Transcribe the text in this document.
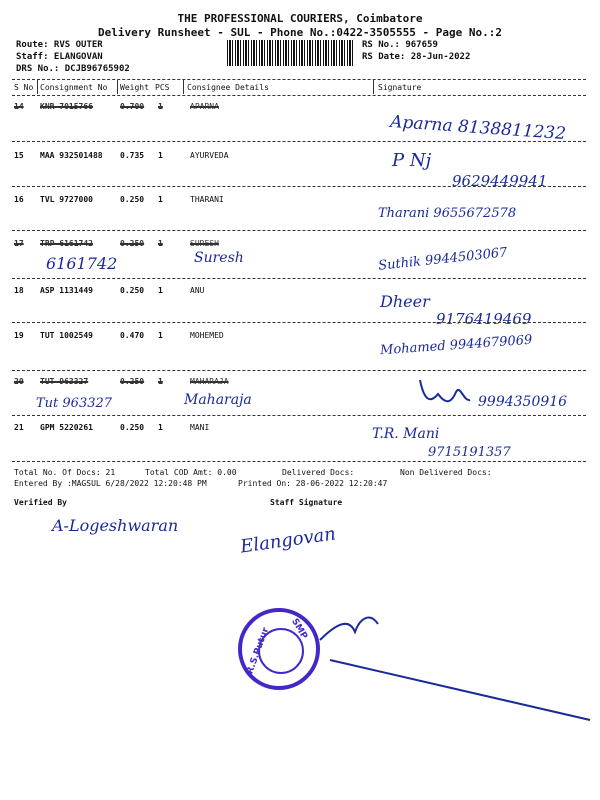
THE PROFESSIONAL COURIERS, Coimbatore
Delivery Runsheet - SUL - Phone No.:0422-3505555 - Page No.:2
Route: RVS OUTER
Staff: ELANGOVAN
DRS No.: DCJB96765902
RS No.: 967659
RS Date: 28-Jun-2022
S No Consignment No Weight PCS Consignee Details	Signature
14 KNR 7015766	0.700 1	APARNA
Aparna 8138811232
15 MAA 932501488 0.735 1	AYURVEDA	P Nj
9629449941
16 TVL 9727000	0.250 1	THARANI
Tharani 9655672578
17 TRP 6161742	0.250 1	SURESH
6161742	Suresh	Suthik 9944503067
18 ASP 1131449	0.250 1	ANU
Dheer
9176419469
19 TUT 1002549	0.470 1	MOHEMED	Mohamed 9944679069
20 TUT 963327	0.250 1	MAHARAJA
Tut 963327	Maharaja	9994350916
21 GPM 5220261	0.250 1	MANI	T.R. Mani
9715191357
Total No. Of Docs: 21	Total COD Amt: 0.00	Delivered Docs:	Non Delivered Docs:
Entered By :MAGSUL 6/28/2022 12:20:48 PM	Printed On: 28-06-2022 12:20:47
Verified By	Staff Signature
A-Logeshwaran	Elangovan
R.S.Putur SMP
